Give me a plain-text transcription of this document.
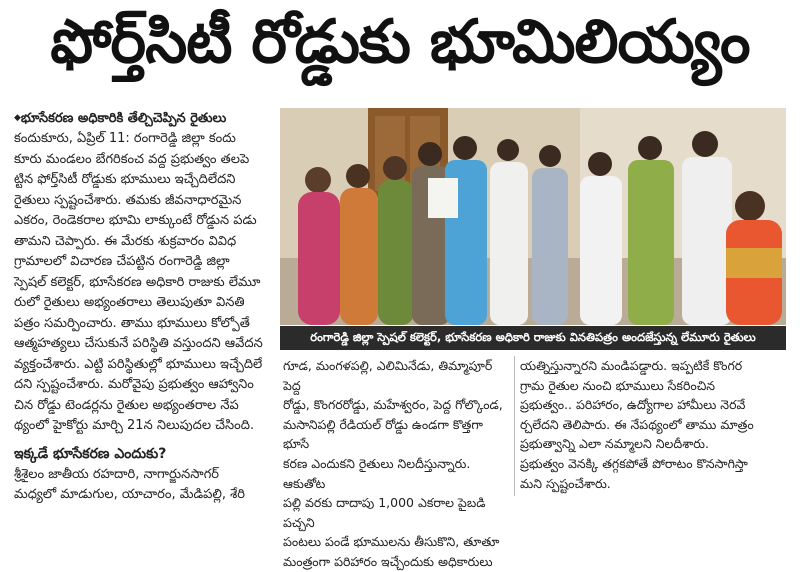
ఫోర్త్‌సిటీ రోడ్డుకు భూమిలియ్యం
◆ భూసేకరణ అధికారికి తేల్చిచెప్పిన రైతులు

కందుకూరు, ఏప్రిల్ 11: రంగారెడ్డి జిల్లా కందు

కూరు మండలం బేగరికంచ వద్ద ప్రభుత్వం తలపె

ట్టిన ఫోర్త్‌సిటీ రోడ్డుకు భూములు ఇచ్చేదిలేదని

రైతులు స్పష్టంచేశారు. తమకు జీవనాధారమైన

ఎకరం, రెండెకరాల భూమి లాక్కుంటే రోడ్డున పడు

తామని చెప్పారు. ఈ మేరకు శుక్రవారం వివిధ

గ్రామాలలో విచారణ చేపట్టిన రంగారెడ్డి జిల్లా

స్పెషల్ కలెక్టర్, భూసేకరణ అధికారి రాజుకు లేమూ

రులో రైతులు అభ్యంతరాలు తెలుపుతూ వినతి

పత్రం సమర్పించారు. తాము భూములు కోల్పోతే

ఆత్మహత్యలు చేసుకునే పరిస్థితి వస్తుందని ఆవేదన

వ్యక్తంచేశారు. ఎట్టి పరిస్థితుల్లో భూములు ఇచ్చేదిలే

దని స్పష్టంచేశారు. మరోవైపు ప్రభుత్వం ఆహ్వానిం

చిన రోడ్డు టెండర్లను రైతుల అభ్యంతరాల నేప

థ్యంలో హైకోర్టు మార్చి 21న నిలుపుదల చేసింది.

ఇక్కడే భూసేకరణ ఎందుకు?

శ్రీశైలం జాతీయ రహదారి, నాగార్జునసాగర్

మధ్యలో మాడుగుల, యాచారం, మేడిపల్లి, శేరి

రంగారెడ్డి జిల్లా స్పెషల్ కలెక్టర్, భూసేకరణ అధికారి రాజుకు వినతిపత్రం అందజేస్తున్న లేమూరు రైతులు

గూడ, మంగళపల్లి, ఎలిమినేడు, తిమ్మాపూర్ పెద్ద

రోడ్డు, కొంగరరోడ్డు, మహేశ్వరం, పెద్ద గోల్కొండ,

మసానిపల్లి రేడియల్ రోడ్డు ఉండగా కొత్తగా భూసే

కరణ ఎందుకని రైతులు నిలదీస్తున్నారు. ఆకుతోట

పల్లి వరకు దాదాపు 1,000 ఎకరాల పైబడి పచ్చని

పంటలు పండే భూములను తీసుకొని, తూతూ

మంత్రంగా పరిహారం ఇచ్చేందుకు అధికారులు

యత్నిస్తున్నారని మండిపడ్డారు. ఇప్పటికే కొంగర

గ్రామ రైతుల నుంచి భూములు సేకరించిన

ప్రభుత్వం.. పరిహారం, ఉద్యోగాల హామీలు నెరవే

ర్చలేదని తెలిపారు. ఈ నేపథ్యంలో తాము మాత్రం

ప్రభుత్వాన్ని ఎలా నమ్మాలని నిలదీశారు.

ప్రభుత్వం వెనక్కి తగ్గకపోతే పోరాటం కొనసాగిస్తా

మని స్పష్టంచేశారు.
